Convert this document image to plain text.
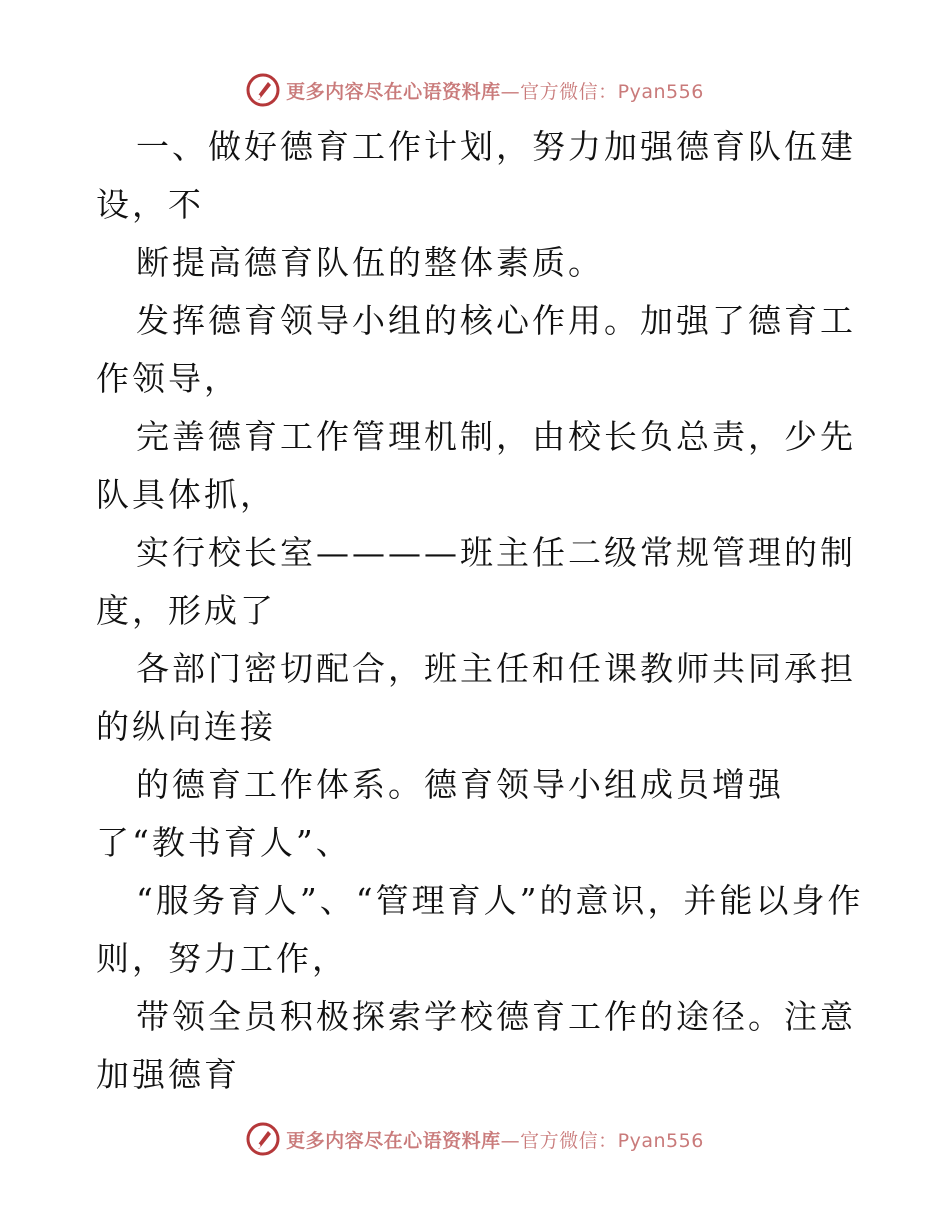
更多内容尽在心语资料库—官方微信：Pyan556

一、做好德育工作计划，努力加强德育队伍建设，不

断提高德育队伍的整体素质。

发挥德育领导小组的核心作用。加强了德育工作领导，

完善德育工作管理机制，由校长负总责，少先队具体抓，

实行校长室————班主任二级常规管理的制度，形成了

各部门密切配合，班主任和任课教师共同承担的纵向连接

的德育工作体系。德育领导小组成员增强了“教书育人”、

“服务育人”、“管理育人”的意识，并能以身作则，努力工作，

带领全员积极探索学校德育工作的途径。注意加强德育

更多内容尽在心语资料库—官方微信：Pyan556
